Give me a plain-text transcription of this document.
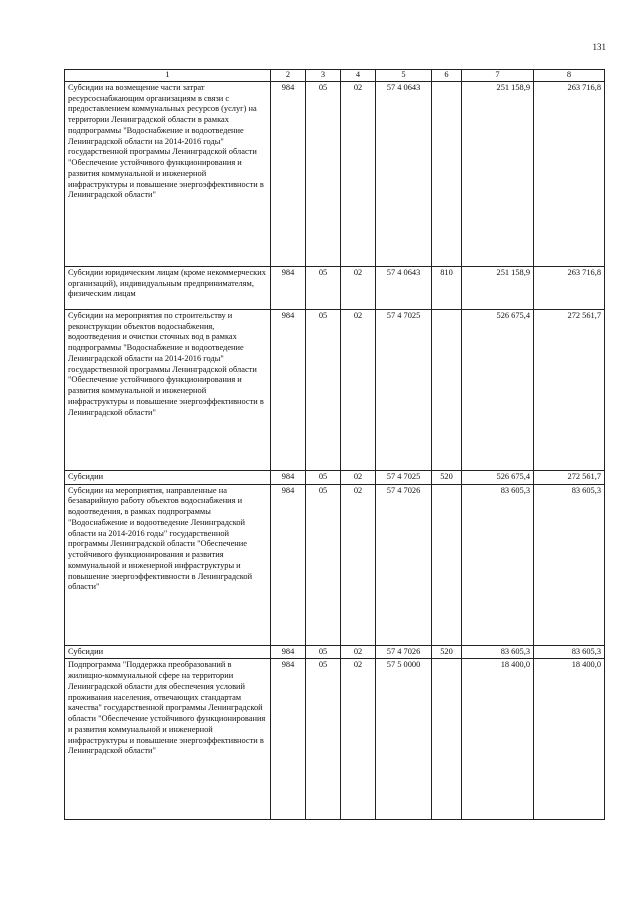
131
1	2	3	4	5	6	7	8
Субсидии на возмещение части затрат ресурсоснабжающим организациям в связи с предоставлением коммунальных ресурсов (услуг) на территории Ленинградской области в рамках подпрограммы "Водоснабжение и водоотведение Ленинградской области на 2014-2016 годы" государственной программы Ленинградской области "Обеспечение устойчивого функционирования и развития коммунальной и инженерной инфраструктуры и повышение энергоэффективности в Ленинградской области"	984	05	02	57 4 0643		251 158,9	263 716,8
Субсидии юридическим лицам (кроме некоммерческих организаций), индивидуальным предпринимателям, физическим лицам	984	05	02	57 4 0643	810	251 158,9	263 716,8
Субсидии на мероприятия по строительству и реконструкции объектов водоснабжения, водоотведения и очистки сточных вод в рамках подпрограммы "Водоснабжение и водоотведение Ленинградской области на 2014-2016 годы" государственной программы Ленинградской области "Обеспечение устойчивого функционирования и развития коммунальной и инженерной инфраструктуры и повышение энергоэффективности в Ленинградской области"	984	05	02	57 4 7025		526 675,4	272 561,7
Субсидии	984	05	02	57 4 7025	520	526 675,4	272 561,7
Субсидии на мероприятия, направленные на безаварийную работу объектов водоснабжения и водоотведения, в рамках подпрограммы "Водоснабжение и водоотведение Ленинградской области на 2014-2016 годы" государственной программы Ленинградской области "Обеспечение устойчивого функционирования и развития коммунальной и инженерной инфраструктуры и повышение энергоэффективности в Ленинградской области"	984	05	02	57 4 7026		83 605,3	83 605,3
Субсидии	984	05	02	57 4 7026	520	83 605,3	83 605,3
Подпрограмма "Поддержка преобразований в жилищно-коммунальной сфере на территории Ленинградской области для обеспечения условий проживания населения, отвечающих стандартам качества" государственной программы Ленинградской области "Обеспечение устойчивого функционирования и развития коммунальной и инженерной инфраструктуры и повышение энергоэффективности в Ленинградской области"	984	05	02	57 5 0000		18 400,0	18 400,0
